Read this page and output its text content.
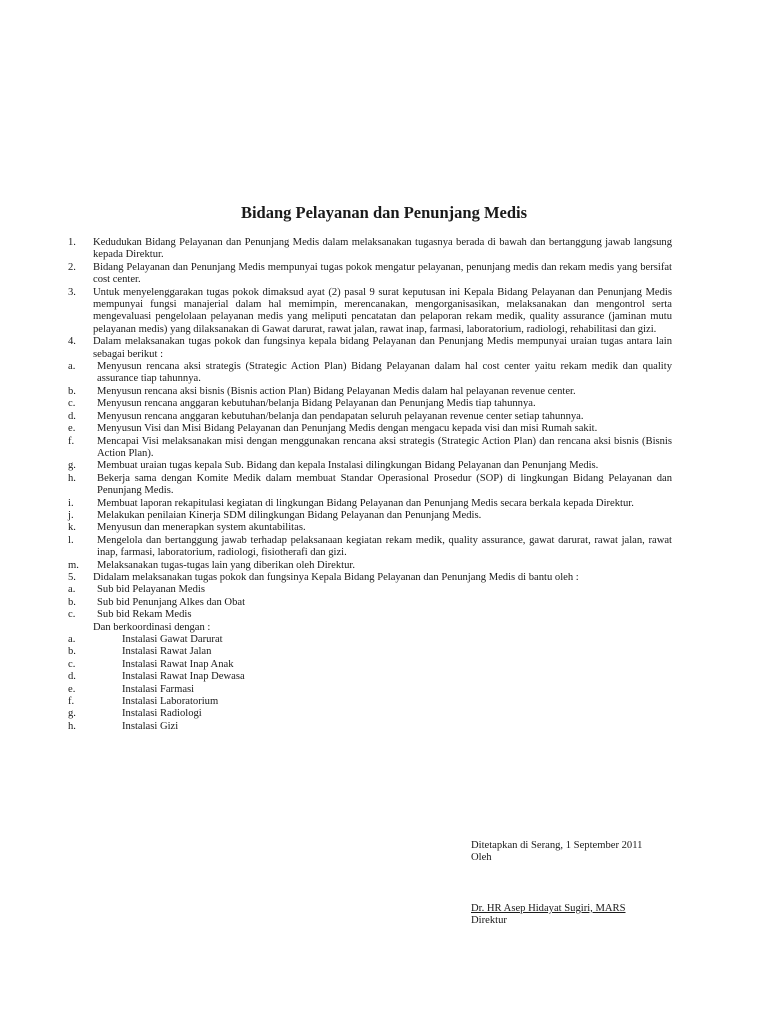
Bidang Pelayanan dan Penunjang Medis
1.	Kedudukan Bidang Pelayanan dan Penunjang Medis dalam melaksanakan tugasnya berada di bawah dan bertanggung jawab langsung kepada Direktur.
2.	Bidang Pelayanan dan Penunjang Medis mempunyai tugas pokok mengatur pelayanan, penunjang medis dan rekam medis yang bersifat cost center.
3.	Untuk menyelenggarakan tugas pokok dimaksud ayat (2) pasal 9 surat keputusan ini Kepala Bidang Pelayanan dan Penunjang Medis mempunyai fungsi manajerial dalam hal memimpin, merencanakan, mengorganisasikan, melaksanakan dan mengontrol serta mengevaluasi pengelolaan pelayanan medis yang meliputi pencatatan dan pelaporan rekam medik, quality assurance (jaminan mutu pelayanan medis) yang dilaksanakan di Gawat darurat, rawat jalan, rawat inap, farmasi, laboratorium, radiologi, rehabilitasi dan gizi.
4.	Dalam melaksanakan tugas pokok dan fungsinya kepala bidang Pelayanan dan Penunjang Medis mempunyai uraian tugas antara lain sebagai berikut :
a.	Menyusun rencana aksi strategis (Strategic Action Plan) Bidang Pelayanan dalam hal cost center yaitu rekam medik dan quality assurance tiap tahunnya.
b.	Menyusun rencana aksi bisnis (Bisnis action Plan) Bidang Pelayanan Medis dalam hal pelayanan revenue center.
c.	Menyusun rencana anggaran kebutuhan/belanja Bidang Pelayanan dan Penunjang Medis tiap tahunnya.
d.	Menyusun rencana anggaran kebutuhan/belanja dan pendapatan seluruh pelayanan revenue center setiap tahunnya.
e.	Menyusun Visi dan Misi Bidang Pelayanan dan Penunjang Medis dengan mengacu kepada visi dan misi Rumah sakit.
f.	Mencapai Visi melaksanakan misi dengan menggunakan rencana aksi strategis (Strategic Action Plan) dan rencana aksi bisnis (Bisnis Action Plan).
g.	Membuat uraian tugas kepala Sub. Bidang dan kepala Instalasi dilingkungan Bidang Pelayanan dan Penunjang Medis.
h.	Bekerja sama dengan Komite Medik dalam membuat Standar Operasional Prosedur (SOP) di lingkungan Bidang Pelayanan dan Penunjang Medis.
i.	Membuat laporan rekapitulasi kegiatan di lingkungan Bidang Pelayanan dan Penunjang Medis secara berkala kepada Direktur.
j.	Melakukan penilaian Kinerja SDM dilingkungan Bidang Pelayanan dan Penunjang Medis.
k.	Menyusun dan menerapkan system akuntabilitas.
l.	Mengelola dan bertanggung jawab terhadap pelaksanaan kegiatan rekam medik, quality assurance, gawat darurat, rawat jalan, rawat inap, farmasi, laboratorium, radiologi, fisiotherafi dan gizi.
m.	Melaksanakan tugas-tugas lain yang diberikan oleh Direktur.
5.	Didalam melaksanakan tugas pokok dan fungsinya Kepala Bidang Pelayanan dan Penunjang Medis di bantu oleh :
a.	Sub bid Pelayanan Medis
b.	Sub bid Penunjang Alkes dan Obat
c.	Sub bid Rekam Medis
Dan berkoordinasi dengan :
a.	Instalasi Gawat Darurat
b.	Instalasi Rawat Jalan
c.	Instalasi Rawat Inap Anak
d.	Instalasi Rawat Inap Dewasa
e.	Instalasi Farmasi
f.	Instalasi Laboratorium
g.	Instalasi Radiologi
h.	Instalasi Gizi
Ditetapkan di Serang, 1 September 2011
Oleh
Dr. HR Asep Hidayat Sugiri, MARS
Direktur
